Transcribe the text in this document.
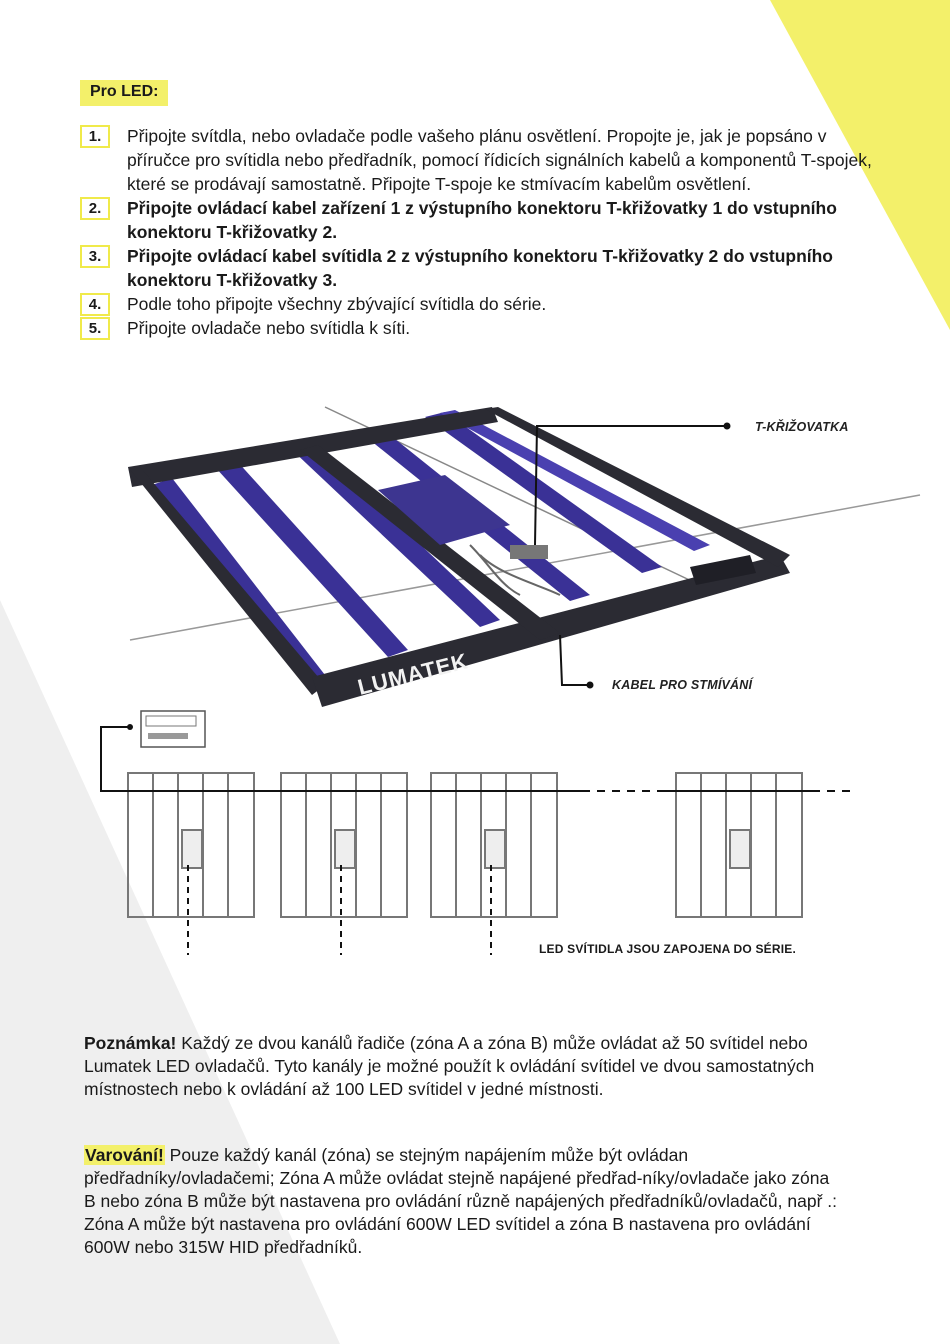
Pro LED:
1.	Připojte svítdla, nebo ovladače podle vašeho plánu osvětlení. Propojte je, jak je popsáno v příručce pro svítidla nebo předřadník, pomocí řídicích signálních kabelů a komponentů T-spojek, které se prodávají samostatně. Připojte T-spoje ke stmívacím kabelům osvětlení.
2.	Připojte ovládací kabel zařízení 1 z výstupního konektoru T-křižovatky 1 do vstupního konektoru T-křižovatky 2.
3.	Připojte ovládací kabel svítidla 2 z výstupního konektoru T-křižovatky 2 do vstupního konektoru T-křižovatky 3.
4.	Podle toho připojte všechny zbývající svítidla do série.
5.	Připojte ovladače nebo svítidla k síti.
LUMATEK
T-KŘIŽOVATKA
KABEL PRO STMÍVÁNÍ
LED SVÍTIDLA JSOU ZAPOJENA DO SÉRIE.
Poznámka! Každý ze dvou kanálů řadiče (zóna A a zóna B) může ovládat až 50 svítidel nebo Lumatek LED ovladačů. Tyto kanály je možné použít k ovládání svítidel ve dvou samostatných místnostech nebo k ovládání až 100 LED svítidel v jedné místnosti.
Varování! Pouze každý kanál (zóna) se stejným napájením může být ovládan předřadníky/ovladačemi; Zóna A může ovládat stejně napájené předřad-níky/ovladače jako zóna B nebo zóna B může být nastavena pro ovládání různě napájených předřadníků/ovladačů, např .: Zóna A může být nastavena pro ovládání 600W LED svítidel a zóna B nastavena pro ovládání 600W nebo 315W HID předřadníků.
